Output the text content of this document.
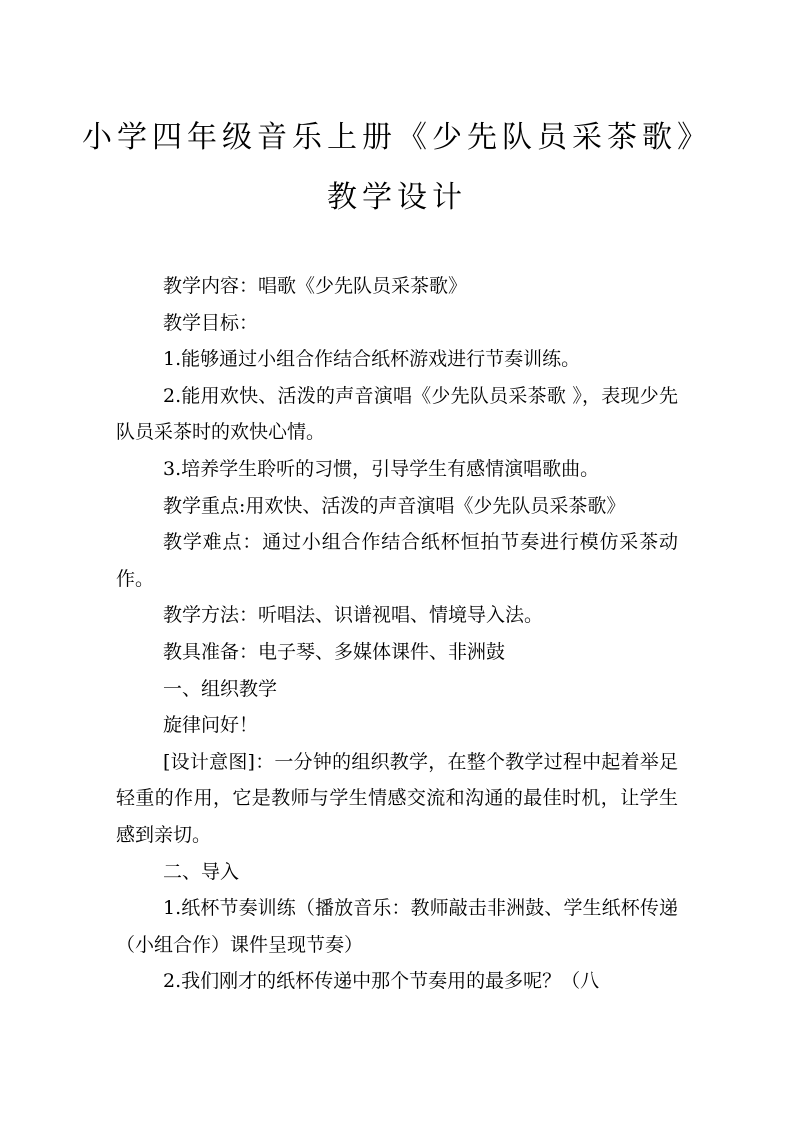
小学四年级音乐上册《少先队员采茶歌》
教学设计

教学内容：唱歌《少先队员采茶歌》

教学目标：

1.能够通过小组合作结合纸杯游戏进行节奏训练。

2.能用欢快、活泼的声音演唱《少先队员采茶歌 》，表现少先队员采茶时的欢快心情。

3.培养学生聆听的习惯，引导学生有感情演唱歌曲。

教学重点:用欢快、活泼的声音演唱《少先队员采茶歌》

教学难点：通过小组合作结合纸杯恒拍节奏进行模仿采茶动作。

教学方法：听唱法、识谱视唱、情境导入法。

教具准备：电子琴、多媒体课件、非洲鼓

一、组织教学

旋律问好！

[设计意图]：一分钟的组织教学，在整个教学过程中起着举足轻重的作用，它是教师与学生情感交流和沟通的最佳时机，让学生感到亲切。

二、导入

1.纸杯节奏训练（播放音乐：教师敲击非洲鼓、学生纸杯传递（小组合作）课件呈现节奏）

2.我们刚才的纸杯传递中那个节奏用的最多呢？（八
